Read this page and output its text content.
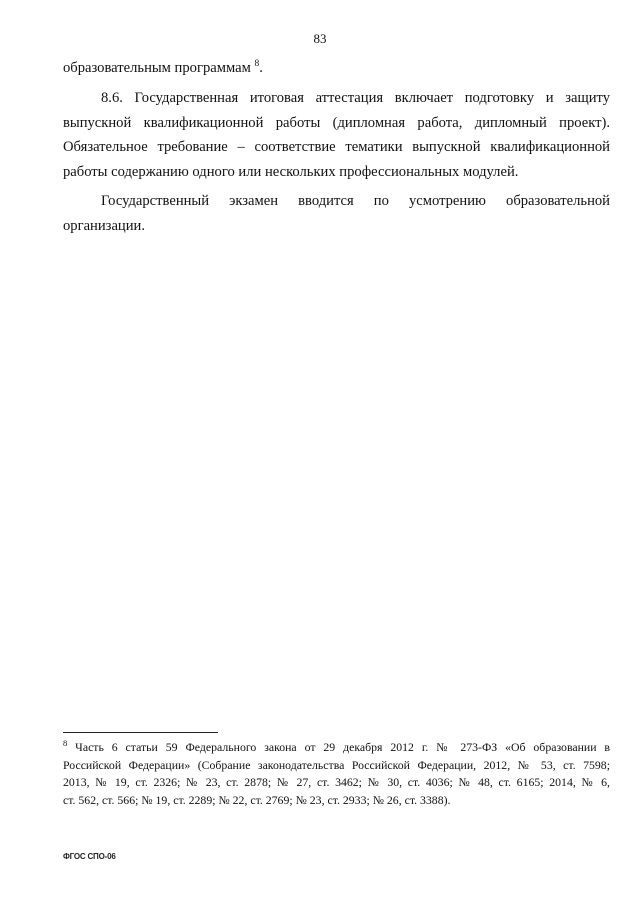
83
образовательным программам $^8$.
8.6. Государственная итоговая аттестация включает подготовку и защиту
выпускной квалификационной работы (дипломная работа, дипломный проект).
Обязательное требование – соответствие тематики выпускной квалификационной
работы содержанию одного или нескольких профессиональных модулей.
Государственный экзамен вводится по усмотрению образовательной
организации.
$^8$ Часть 6 статьи 59 Федерального закона от 29 декабря 2012 г. № 273-ФЗ «Об образовании в
Российской Федерации» (Собрание законодательства Российской Федерации, 2012, № 53, ст. 7598;
2013, № 19, ст. 2326; № 23, ст. 2878; № 27, ст. 3462; № 30, ст. 4036; № 48, ст. 6165; 2014, № 6,
ст. 562, ст. 566; № 19, ст. 2289; № 22, ст. 2769; № 23, ст. 2933; № 26, ст. 3388).
ФГОС СПО-06
